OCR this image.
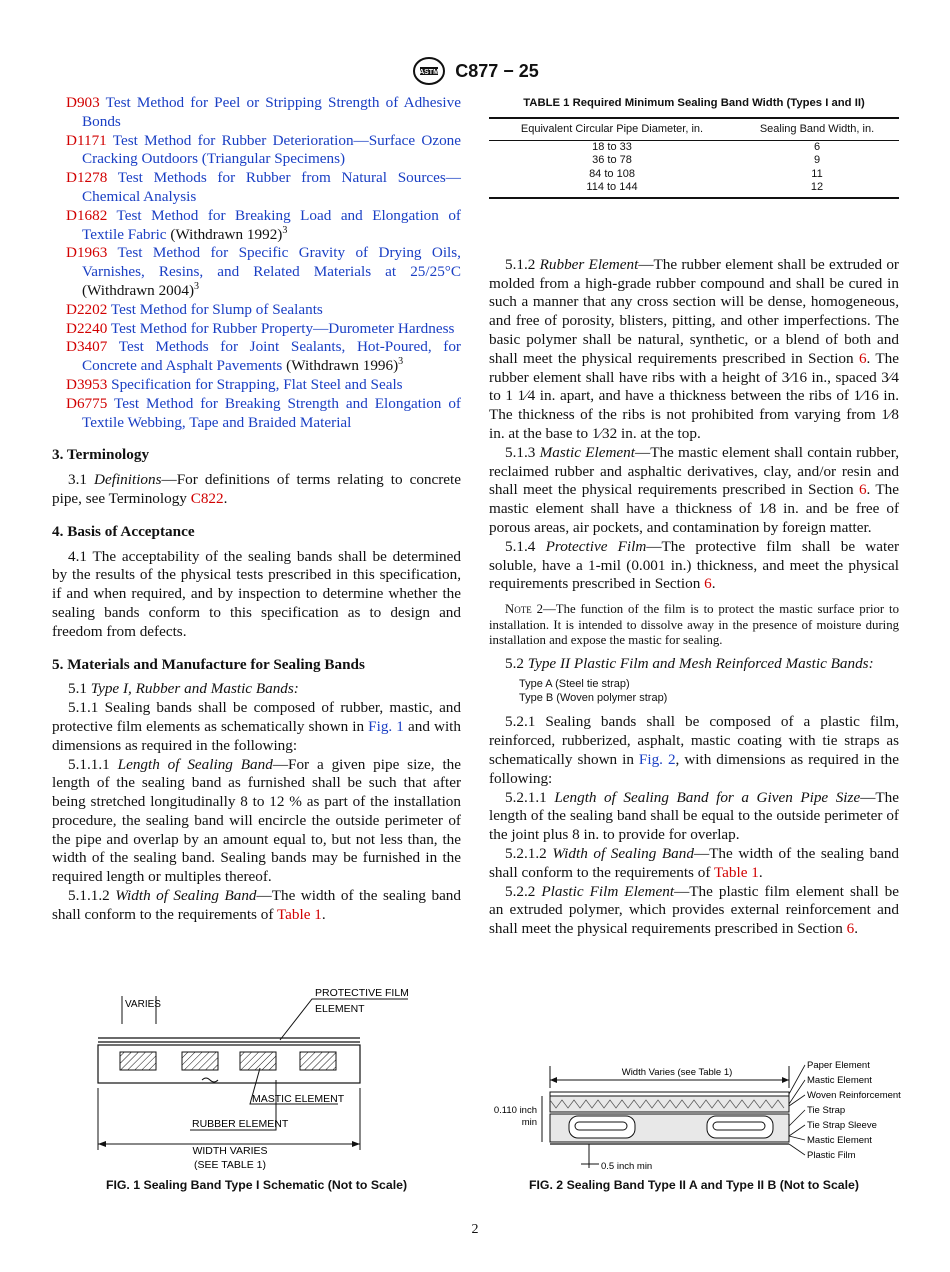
ASTM C877 − 25

D903 Test Method for Peel or Stripping Strength of Adhesive Bonds

D1171 Test Method for Rubber Deterioration—Surface Ozone Cracking Outdoors (Triangular Specimens)

D1278 Test Methods for Rubber from Natural Sources—Chemical Analysis

D1682 Test Method for Breaking Load and Elongation of Textile Fabric (Withdrawn 1992)$^3$

D1963 Test Method for Specific Gravity of Drying Oils, Varnishes, Resins, and Related Materials at 25/25°C (Withdrawn 2004)$^3$

D2202 Test Method for Slump of Sealants

D2240 Test Method for Rubber Property—Durometer Hardness

D3407 Test Methods for Joint Sealants, Hot-Poured, for Concrete and Asphalt Pavements (Withdrawn 1996)$^3$

D3953 Specification for Strapping, Flat Steel and Seals

D6775 Test Method for Breaking Strength and Elongation of Textile Webbing, Tape and Braided Material

3. Terminology

3.1 Definitions—For definitions of terms relating to concrete pipe, see Terminology C822.

4. Basis of Acceptance

4.1 The acceptability of the sealing bands shall be determined by the results of the physical tests prescribed in this specification, if and when required, and by inspection to determine whether the sealing bands conform to this specification as to design and freedom from defects.

5. Materials and Manufacture for Sealing Bands

5.1 Type I, Rubber and Mastic Bands:

5.1.1 Sealing bands shall be composed of rubber, mastic, and protective film elements as schematically shown in Fig. 1 and with dimensions as required in the following:

5.1.1.1 Length of Sealing Band—For a given pipe size, the length of the sealing band as furnished shall be such that after being stretched longitudinally 8 to 12 % as part of the installation procedure, the sealing band will encircle the outside perimeter of the pipe and overlap by an amount equal to, but not less than, the width of the sealing band. Sealing bands may be furnished in the required length or multiples thereof.

5.1.1.2 Width of Sealing Band—The width of the sealing band shall conform to the requirements of Table 1.

TABLE 1 Required Minimum Sealing Band Width (Types I and II)
Equivalent Circular Pipe Diameter, in.	Sealing Band Width, in.
18 to 33	6
36 to 78	9
84 to 108	11
114 to 144	12

5.1.2 Rubber Element—The rubber element shall be extruded or molded from a high-grade rubber compound and shall be cured in such a manner that any cross section will be dense, homogeneous, and free of porosity, blisters, pitting, and other imperfections. The basic polymer shall be natural, synthetic, or a blend of both and shall meet the physical requirements prescribed in Section 6. The rubber element shall have ribs with a height of 3⁄16 in., spaced 3⁄4 to 1 1⁄4 in. apart, and have a thickness between the ribs of 1⁄16 in. The thickness of the ribs is not prohibited from varying from 1⁄8 in. at the base to 1⁄32 in. at the top.

5.1.3 Mastic Element—The mastic element shall contain rubber, reclaimed rubber and asphaltic derivatives, clay, and/or resin and shall meet the physical requirements prescribed in Section 6. The mastic element shall have a thickness of 1⁄8 in. and be free of porous areas, air pockets, and contamination by foreign matter.

5.1.4 Protective Film—The protective film shall be water soluble, have a 1-mil (0.001 in.) thickness, and meet the physical requirements prescribed in Section 6.

Note 2—The function of the film is to protect the mastic surface prior to installation. It is intended to dissolve away in the presence of moisture during installation and expose the mastic for sealing.

5.2 Type II Plastic Film and Mesh Reinforced Mastic Bands:

Type A (Steel tie strap)
Type B (Woven polymer strap)

5.2.1 Sealing bands shall be composed of a plastic film, reinforced, rubberized, asphalt, mastic coating with tie straps as schematically shown in Fig. 2, with dimensions as required in the following:

5.2.1.1 Length of Sealing Band for a Given Pipe Size—The length of the sealing band shall be equal to the outside perimeter of the joint plus 8 in. to provide for overlap.

5.2.1.2 Width of Sealing Band—The width of the sealing band shall conform to the requirements of Table 1.

5.2.2 Plastic Film Element—The plastic film element shall be an extruded polymer, which provides external reinforcement and shall meet the physical requirements prescribed in Section 6.

VARIES
PROTECTIVE FILM
ELEMENT
MASTIC ELEMENT
RUBBER ELEMENT
WIDTH VARIES
(SEE TABLE 1)
FIG. 1 Sealing Band Type I Schematic (Not to Scale)
Width Varies (see Table 1)
0.110 inch
min
0.5 inch min
Paper Element
Mastic Element
Woven Reinforcement
Tie Strap
Tie Strap Sleeve
Mastic Element
Plastic Film
FIG. 2 Sealing Band Type II A and Type II B (Not to Scale)
2
